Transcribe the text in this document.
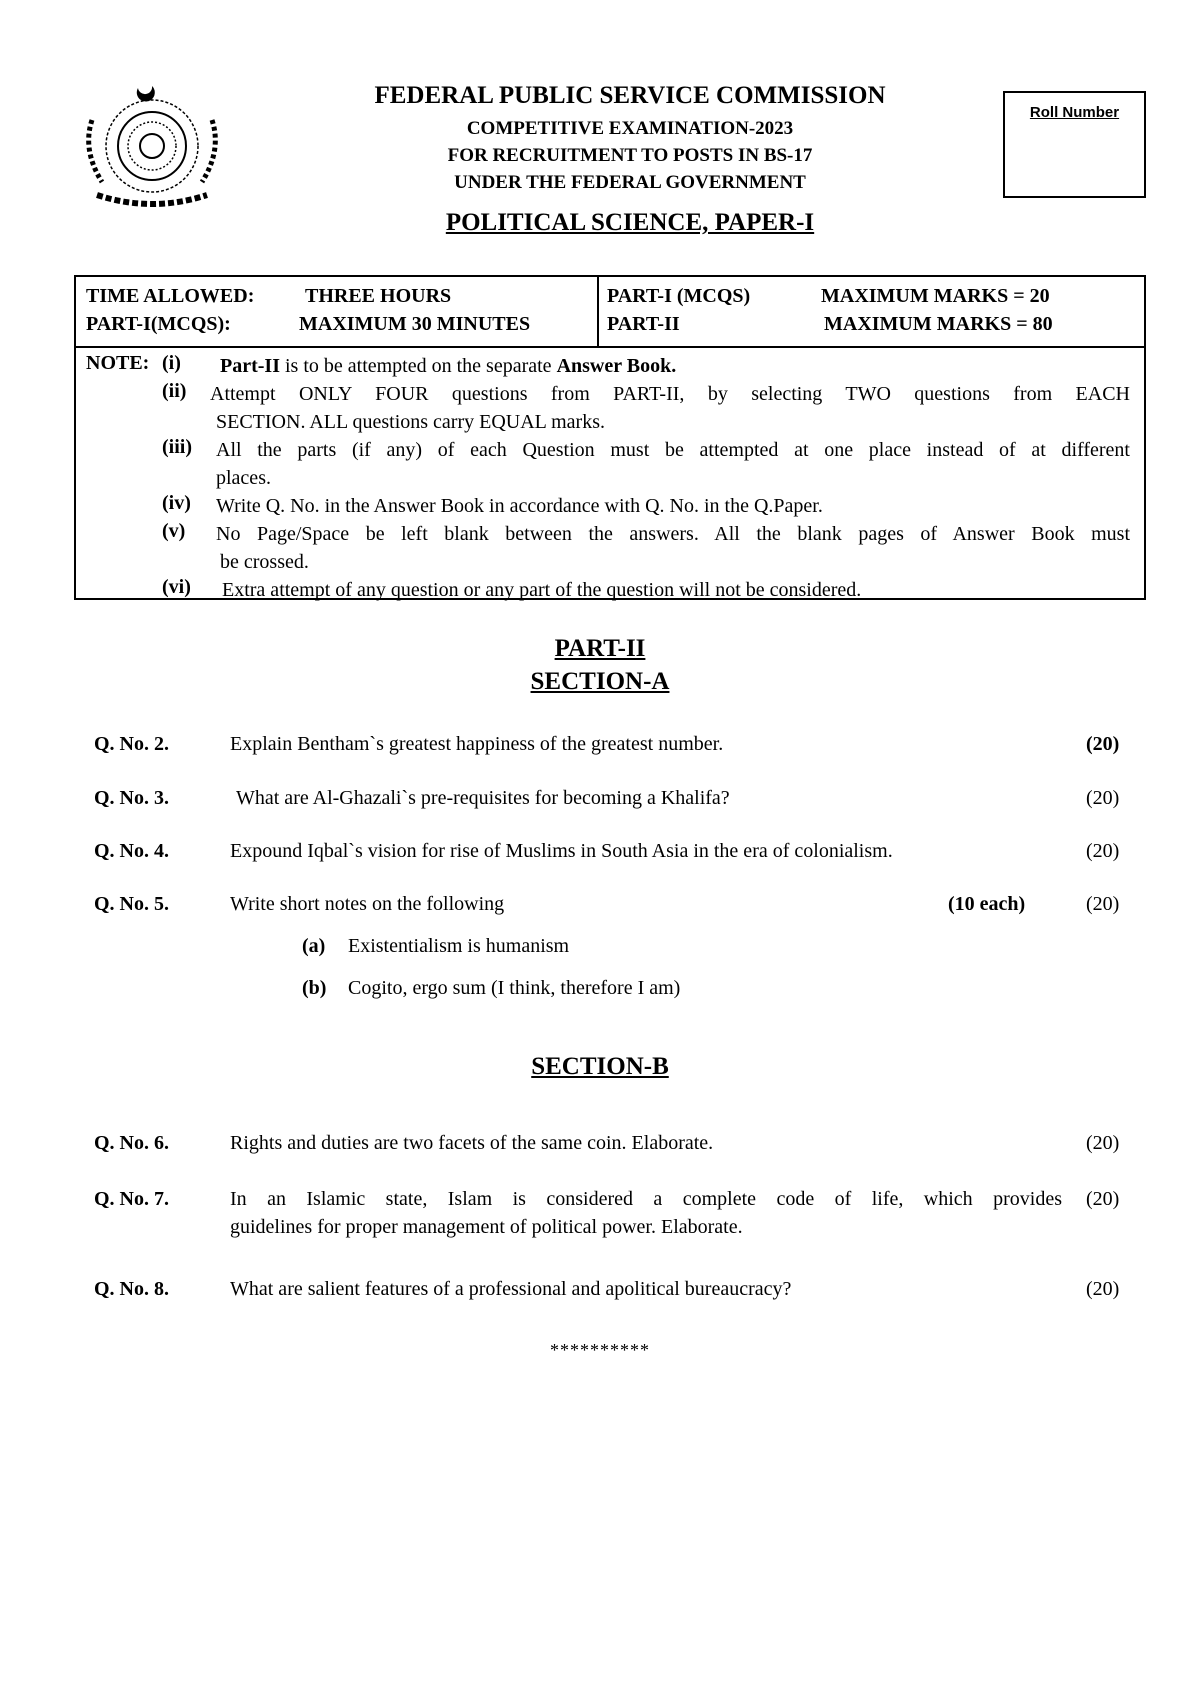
FEDERAL PUBLIC SERVICE COMMISSION
COMPETITIVE EXAMINATION-2023
FOR RECRUITMENT TO POSTS IN BS-17
UNDER THE FEDERAL GOVERNMENT
POLITICAL SCIENCE, PAPER-I
Roll Number
TIME ALLOWED:	THREE HOURS
PART-I(MCQS):	MAXIMUM 30 MINUTES
PART-I (MCQS)	MAXIMUM MARKS = 20
PART-II	MAXIMUM MARKS = 80
NOTE: (i) Part-II is to be attempted on the separate Answer Book.
(ii) Attempt ONLY FOUR questions from PART-II, by selecting TWO questions from EACH
SECTION. ALL questions carry EQUAL marks.
(iii) All the parts (if any) of each Question must be attempted at one place instead of at different
places.
(iv) Write Q. No. in the Answer Book in accordance with Q. No. in the Q.Paper.
(v) No Page/Space be left blank between the answers. All the blank pages of Answer Book must
be crossed.
(vi) Extra attempt of any question or any part of the question will not be considered.
PART-II
SECTION-A
Q. No. 2.	Explain Bentham`s greatest happiness of the greatest number.	(20)
Q. No. 3.	What are Al-Ghazali`s pre-requisites for becoming a Khalifa?	(20)
Q. No. 4.	Expound Iqbal`s vision for rise of Muslims in South Asia in the era of colonialism.	(20)
Q. No. 5.	Write short notes on the following	(10 each)	(20)
(a) Existentialism is humanism
(b) Cogito, ergo sum (I think, therefore I am)
SECTION-B
Q. No. 6.	Rights and duties are two facets of the same coin. Elaborate.	(20)
Q. No. 7.	In an Islamic state, Islam is considered a complete code of life, which provides
guidelines for proper management of political power. Elaborate.
(20)
Q. No. 8.	What are salient features of a professional and apolitical bureaucracy?	(20)
**********
